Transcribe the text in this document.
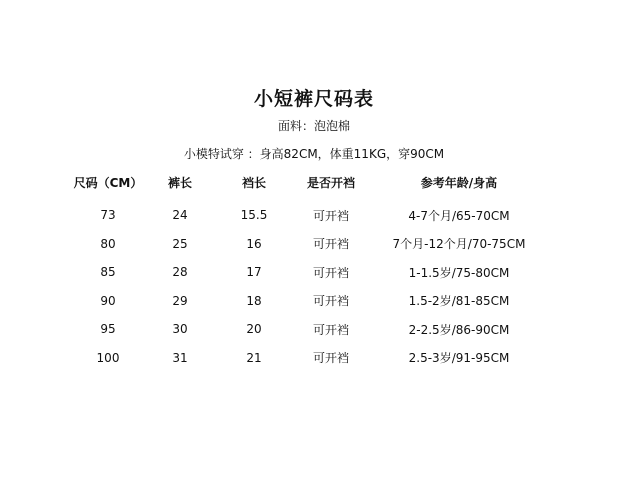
小短裤尺码表
面料：泡泡棉
小模特试穿 ：身高82CM，体重11KG，穿90CM
尺码（CM）	裤长	裆长	是否开裆	参考年龄/身高
73	24	15.5	可开裆	4-7个月/65-70CM
80	25	16	可开裆	7个月-12个月/70-75CM
85	28	17	可开裆	1-1.5岁/75-80CM
90	29	18	可开裆	1.5-2岁/81-85CM
95	30	20	可开裆	2-2.5岁/86-90CM
100	31	21	可开裆	2.5-3岁/91-95CM
